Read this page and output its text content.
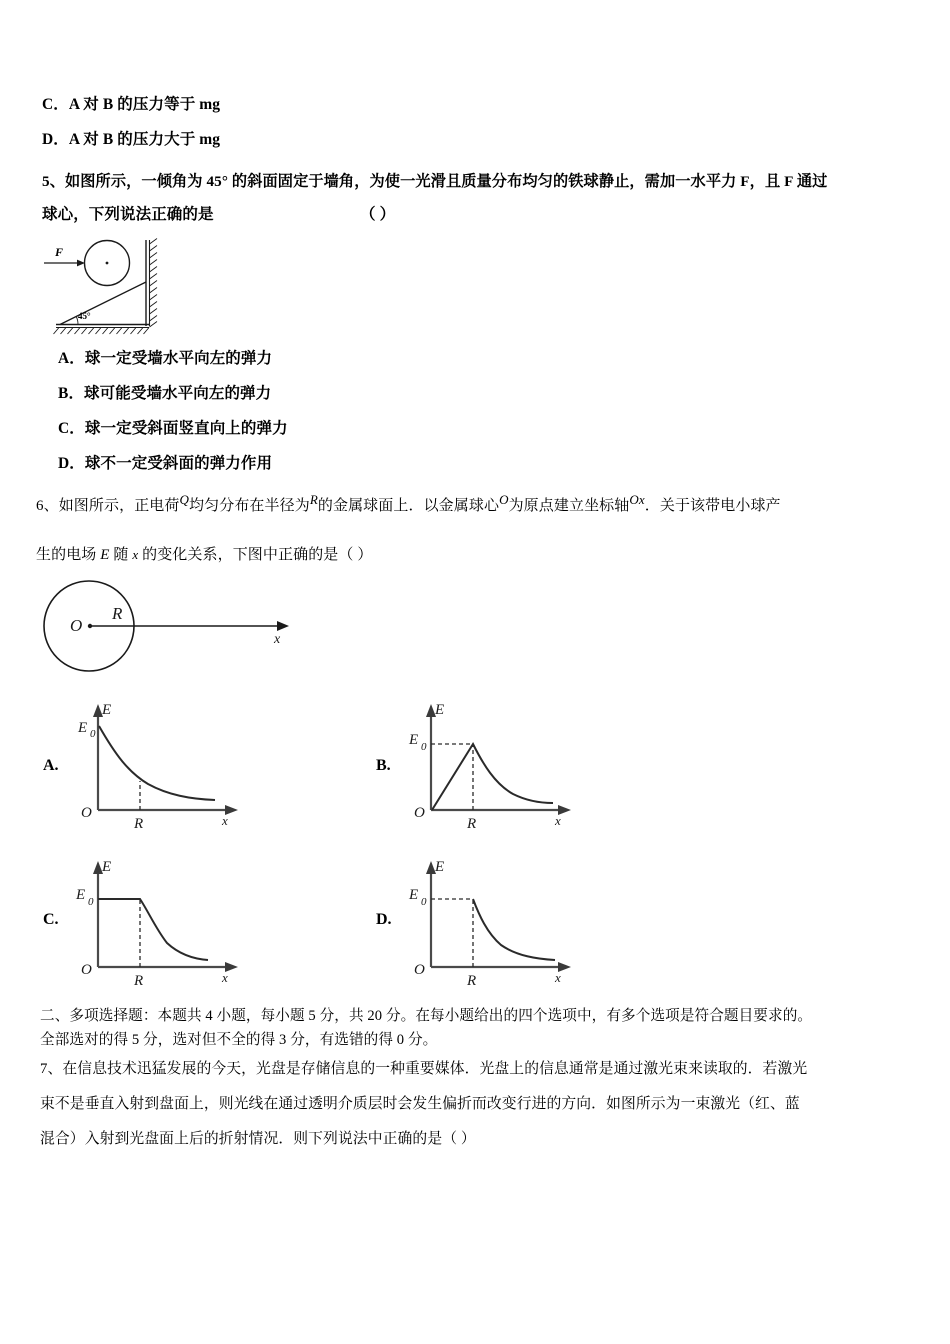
C．A 对 B 的压力等于 mg
D．A 对 B 的压力大于 mg
5、如图所示，一倾角为 45° 的斜面固定于墙角，为使一光滑且质量分布均匀的铁球静止，需加一水平力 F，且 F 通过
球心，下列说法正确的是	（ ）
45°
F
A．球一定受墙水平向左的弹力
B．球可能受墙水平向左的弹力
C．球一定受斜面竖直向上的弹力
D．球不一定受斜面的弹力作用
6、如图所示，正电荷Q均匀分布在半径为R的金属球面上．以金属球心O为原点建立坐标轴Ox．关于该带电小球产
生的电场 E 随 x 的变化关系，下图中正确的是（ ）
O
R
x
A.
E
E 0
O
R	x
B.
E
E 0
O
R	x
C.
E
E 0
O
R	x
D.
E
E 0
O
R	x
二、多项选择题：本题共 4 小题，每小题 5 分，共 20 分。在每小题给出的四个选项中，有多个选项是符合题目要求的。
全部选对的得 5 分，选对但不全的得 3 分，有选错的得 0 分。
7、在信息技术迅猛发展的今天，光盘是存储信息的一种重要媒体．光盘上的信息通常是通过激光束来读取的．若激光
束不是垂直入射到盘面上，则光线在通过透明介质层时会发生偏折而改变行进的方向．如图所示为一束激光（红、蓝
混合）入射到光盘面上后的折射情况．则下列说法中正确的是（ ）
